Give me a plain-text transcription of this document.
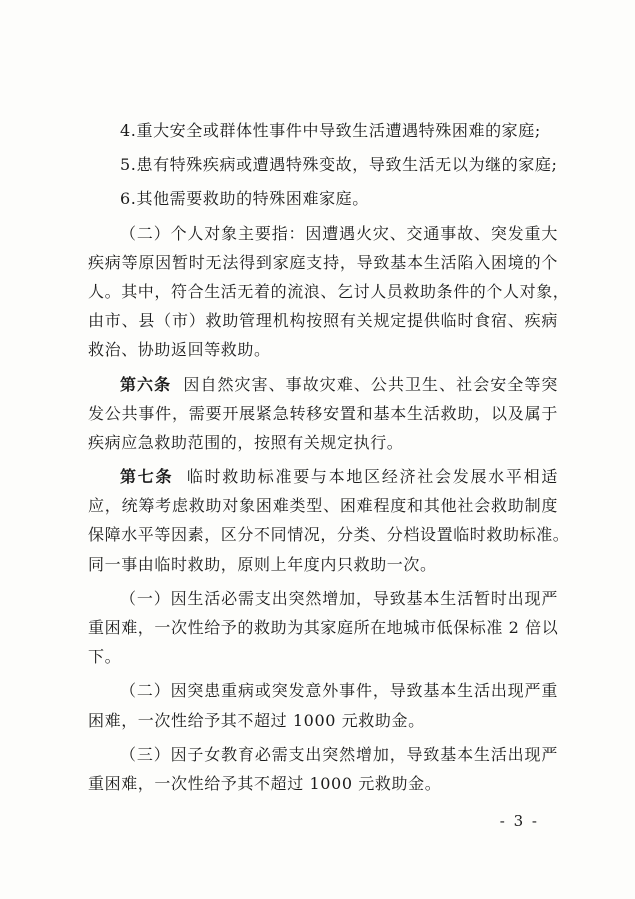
4.重大安全或群体性事件中导致生活遭遇特殊困难的家庭;
5.患有特殊疾病或遭遇特殊变故，导致生活无以为继的家庭;
6.其他需要救助的特殊困难家庭。
（二）个人对象主要指：因遭遇火灾、交通事故、突发重大
疾病等原因暂时无法得到家庭支持，导致基本生活陷入困境的个
人。其中，符合生活无着的流浪、乞讨人员救助条件的个人对象，
由市、县（市）救助管理机构按照有关规定提供临时食宿、疾病
救治、协助返回等救助。
第六条 因自然灾害、事故灾难、公共卫生、社会安全等突
发公共事件，需要开展紧急转移安置和基本生活救助，以及属于
疾病应急救助范围的，按照有关规定执行。
第七条 临时救助标准要与本地区经济社会发展水平相适
应，统筹考虑救助对象困难类型、困难程度和其他社会救助制度
保障水平等因素，区分不同情况，分类、分档设置临时救助标准。
同一事由临时救助，原则上年度内只救助一次。
（一）因生活必需支出突然增加，导致基本生活暂时出现严
重困难，一次性给予的救助为其家庭所在地城市低保标准 2 倍以
下。
（二）因突患重病或突发意外事件，导致基本生活出现严重
困难，一次性给予其不超过 1000 元救助金。
（三）因子女教育必需支出突然增加，导致基本生活出现严
重困难，一次性给予其不超过 1000 元救助金。
- 3 -
